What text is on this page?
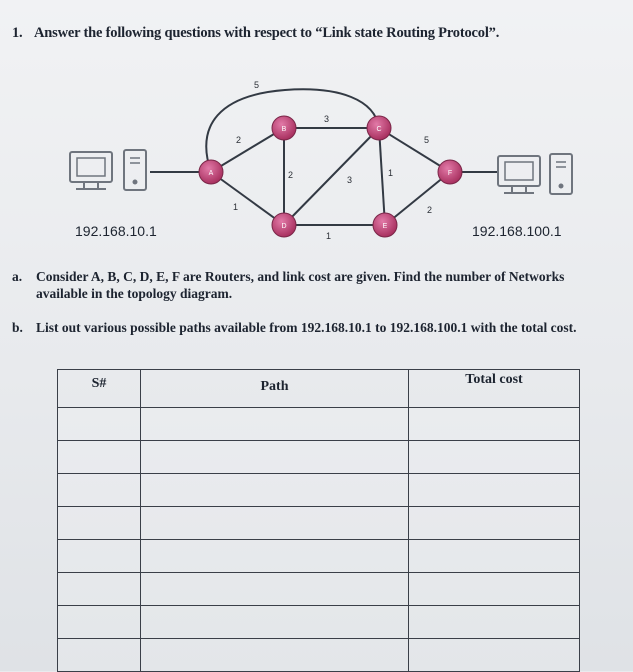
1. Answer the following questions with respect to “Link state Routing Protocol”.
2
5
1
3
2	3
1
5
1
2
A
B	C
D	E
F
192.168.10.1	192.168.100.1
a. Consider A, B, C, D, E, F are Routers, and link cost are given. Find the number of Networks available in the topology diagram.
b. List out various possible paths available from 192.168.10.1 to 192.168.100.1 with the total cost.
S#	Path	Total cost
